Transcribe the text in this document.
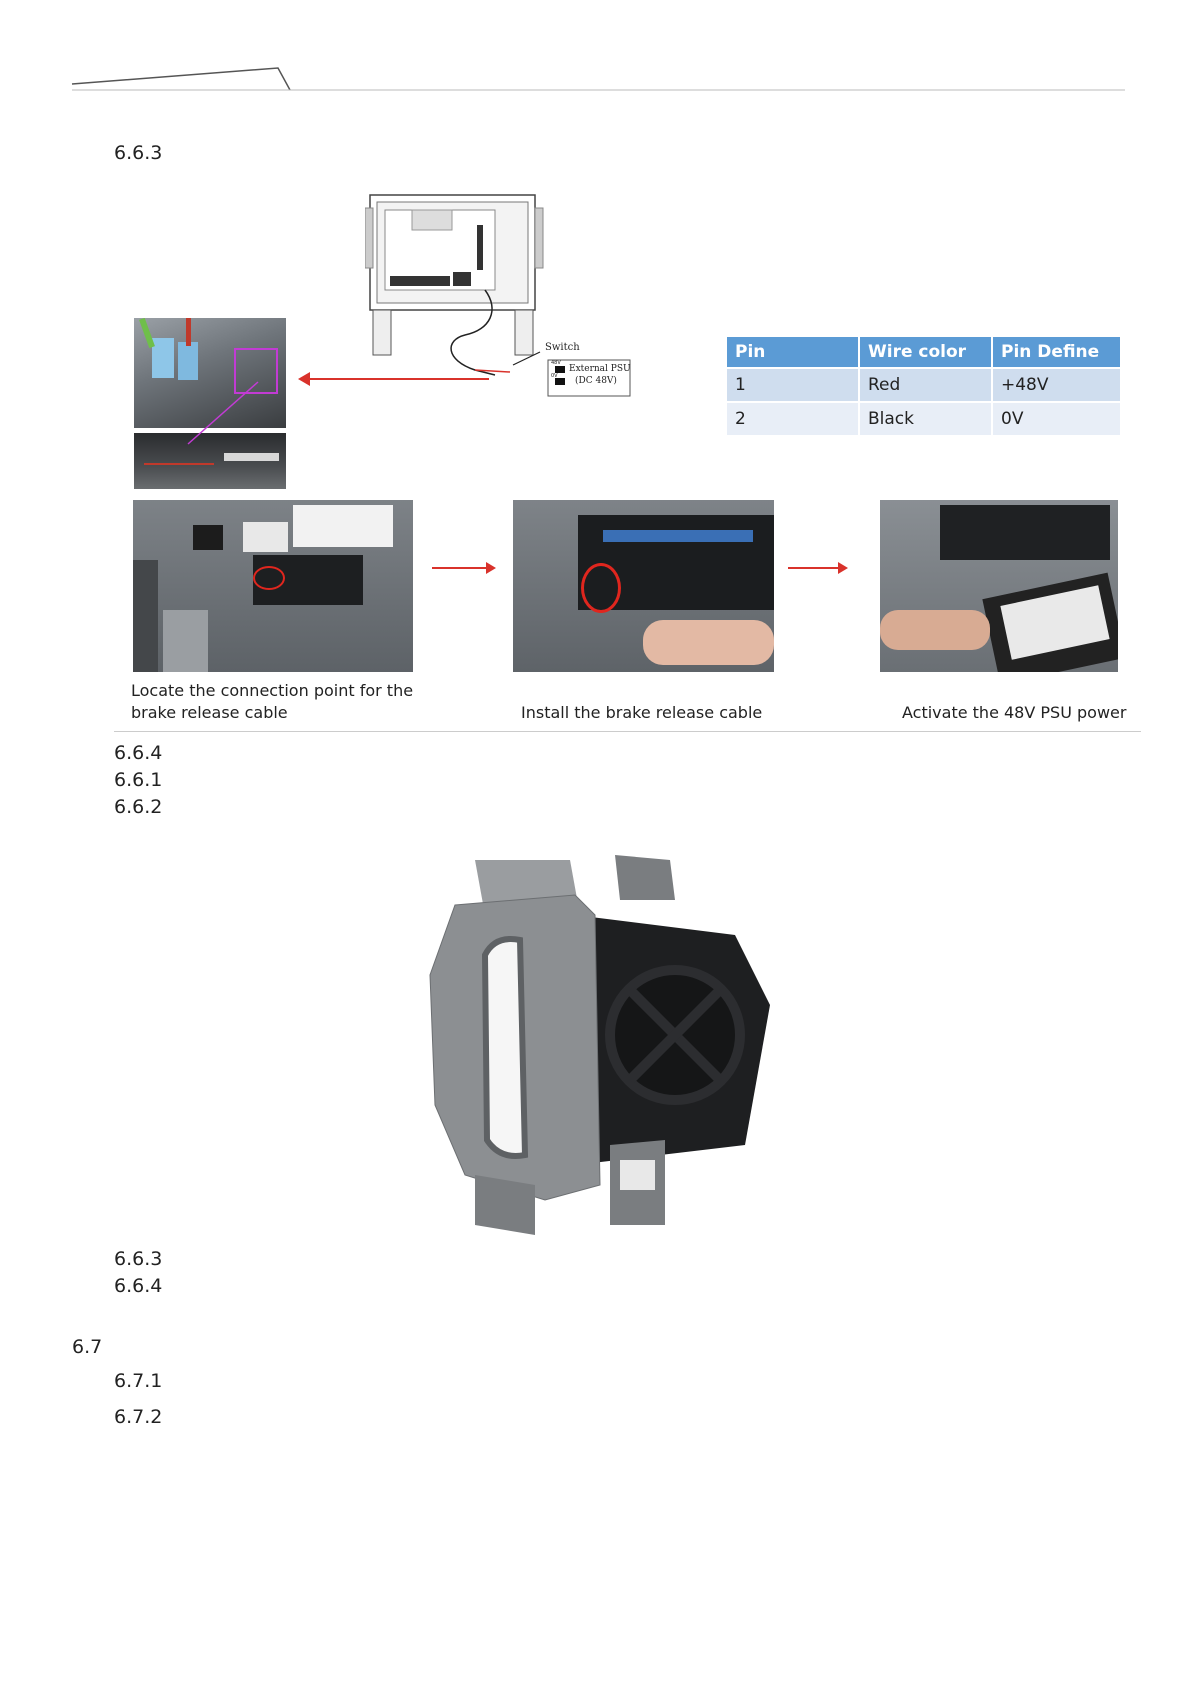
6.6.3
Switch
External PSU
(DC 48V)
48V
0V
Pin	Wire color	Pin Define
1	Red	+48V
2	Black	0V
Locate the connection point for the
brake release cable	Install the brake release cable	Activate the 48V PSU power
6.6.4
6.6.1
6.6.2
6.6.3
6.6.4
6.7
6.7.1
6.7.2
